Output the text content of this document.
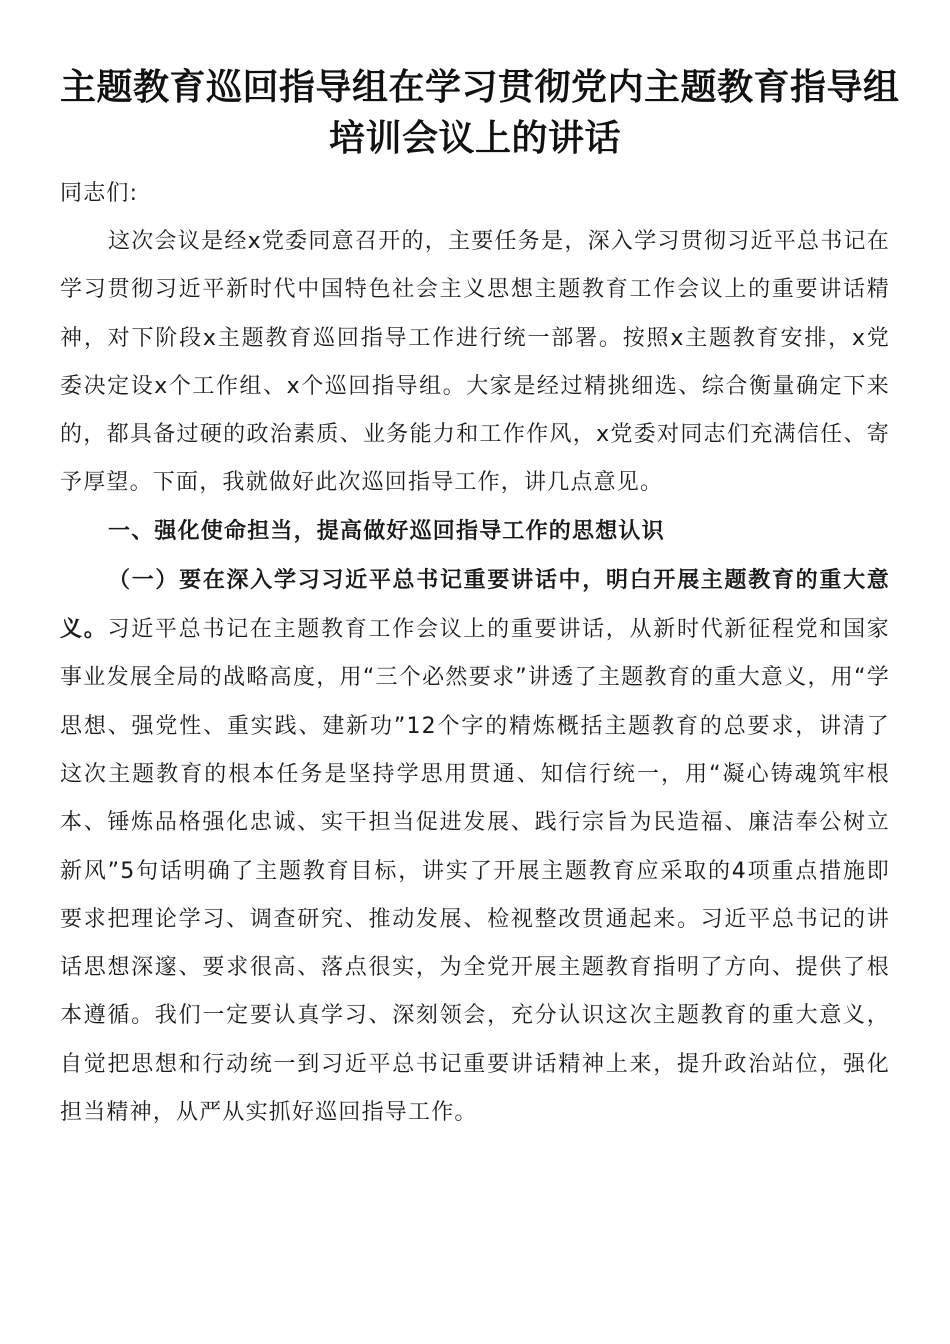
主题教育巡回指导组在学习贯彻党内主题教育指导组
培训会议上的讲话

同志们:

这次会议是经x党委同意召开的，主要任务是，深入学习贯彻习近平总书记在学习贯彻习近平新时代中国特色社会主义思想主题教育工作会议上的重要讲话精神，对下阶段x主题教育巡回指导工作进行统一部署。按照x主题教育安排，x党委决定设x个工作组、x个巡回指导组。大家是经过精挑细选、综合衡量确定下来的，都具备过硬的政治素质、业务能力和工作作风，x党委对同志们充满信任、寄予厚望。下面，我就做好此次巡回指导工作，讲几点意见。

一、强化使命担当，提高做好巡回指导工作的思想认识

（一）要在深入学习习近平总书记重要讲话中，明白开展主题教育的重大意义。习近平总书记在主题教育工作会议上的重要讲话，从新时代新征程党和国家事业发展全局的战略高度，用“三个必然要求”讲透了主题教育的重大意义，用“学思想、强党性、重实践、建新功”12个字的精炼概括主题教育的总要求，讲清了这次主题教育的根本任务是坚持学思用贯通、知信行统一，用“凝心铸魂筑牢根本、锤炼品格强化忠诚、实干担当促进发展、践行宗旨为民造福、廉洁奉公树立新风”5句话明确了主题教育目标，讲实了开展主题教育应采取的4项重点措施即要求把理论学习、调查研究、推动发展、检视整改贯通起来。习近平总书记的讲话思想深邃、要求很高、落点很实，为全党开展主题教育指明了方向、提供了根本遵循。我们一定要认真学习、深刻领会，充分认识这次主题教育的重大意义，自觉把思想和行动统一到习近平总书记重要讲话精神上来，提升政治站位，强化担当精神，从严从实抓好巡回指导工作。
